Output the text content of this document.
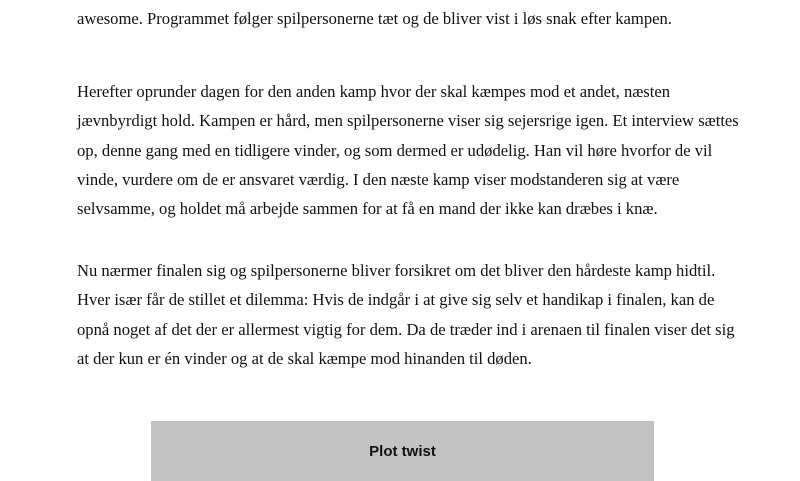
awesome. Programmet følger spilpersonerne tæt og de bliver vist i løs snak efter kampen.
Herefter oprunder dagen for den anden kamp hvor der skal kæmpes mod et andet, næsten
jævnbyrdigt hold. Kampen er hård, men spilpersonerne viser sig sejersrige igen. Et interview sættes
op, denne gang med en tidligere vinder, og som dermed er udødelig. Han vil høre hvorfor de vil
vinde, vurdere om de er ansvaret værdig. I den næste kamp viser modstanderen sig at være
selvsamme, og holdet må arbejde sammen for at få en mand der ikke kan dræbes i knæ.
Nu nærmer finalen sig og spilpersonerne bliver forsikret om det bliver den hårdeste kamp hidtil.
Hver især får de stillet et dilemma: Hvis de indgår i at give sig selv et handikap i finalen, kan de
opnå noget af det der er allermest vigtig for dem. Da de træder ind i arenaen til finalen viser det sig
at der kun er én vinder og at de skal kæmpe mod hinanden til døden.
Plot twist
